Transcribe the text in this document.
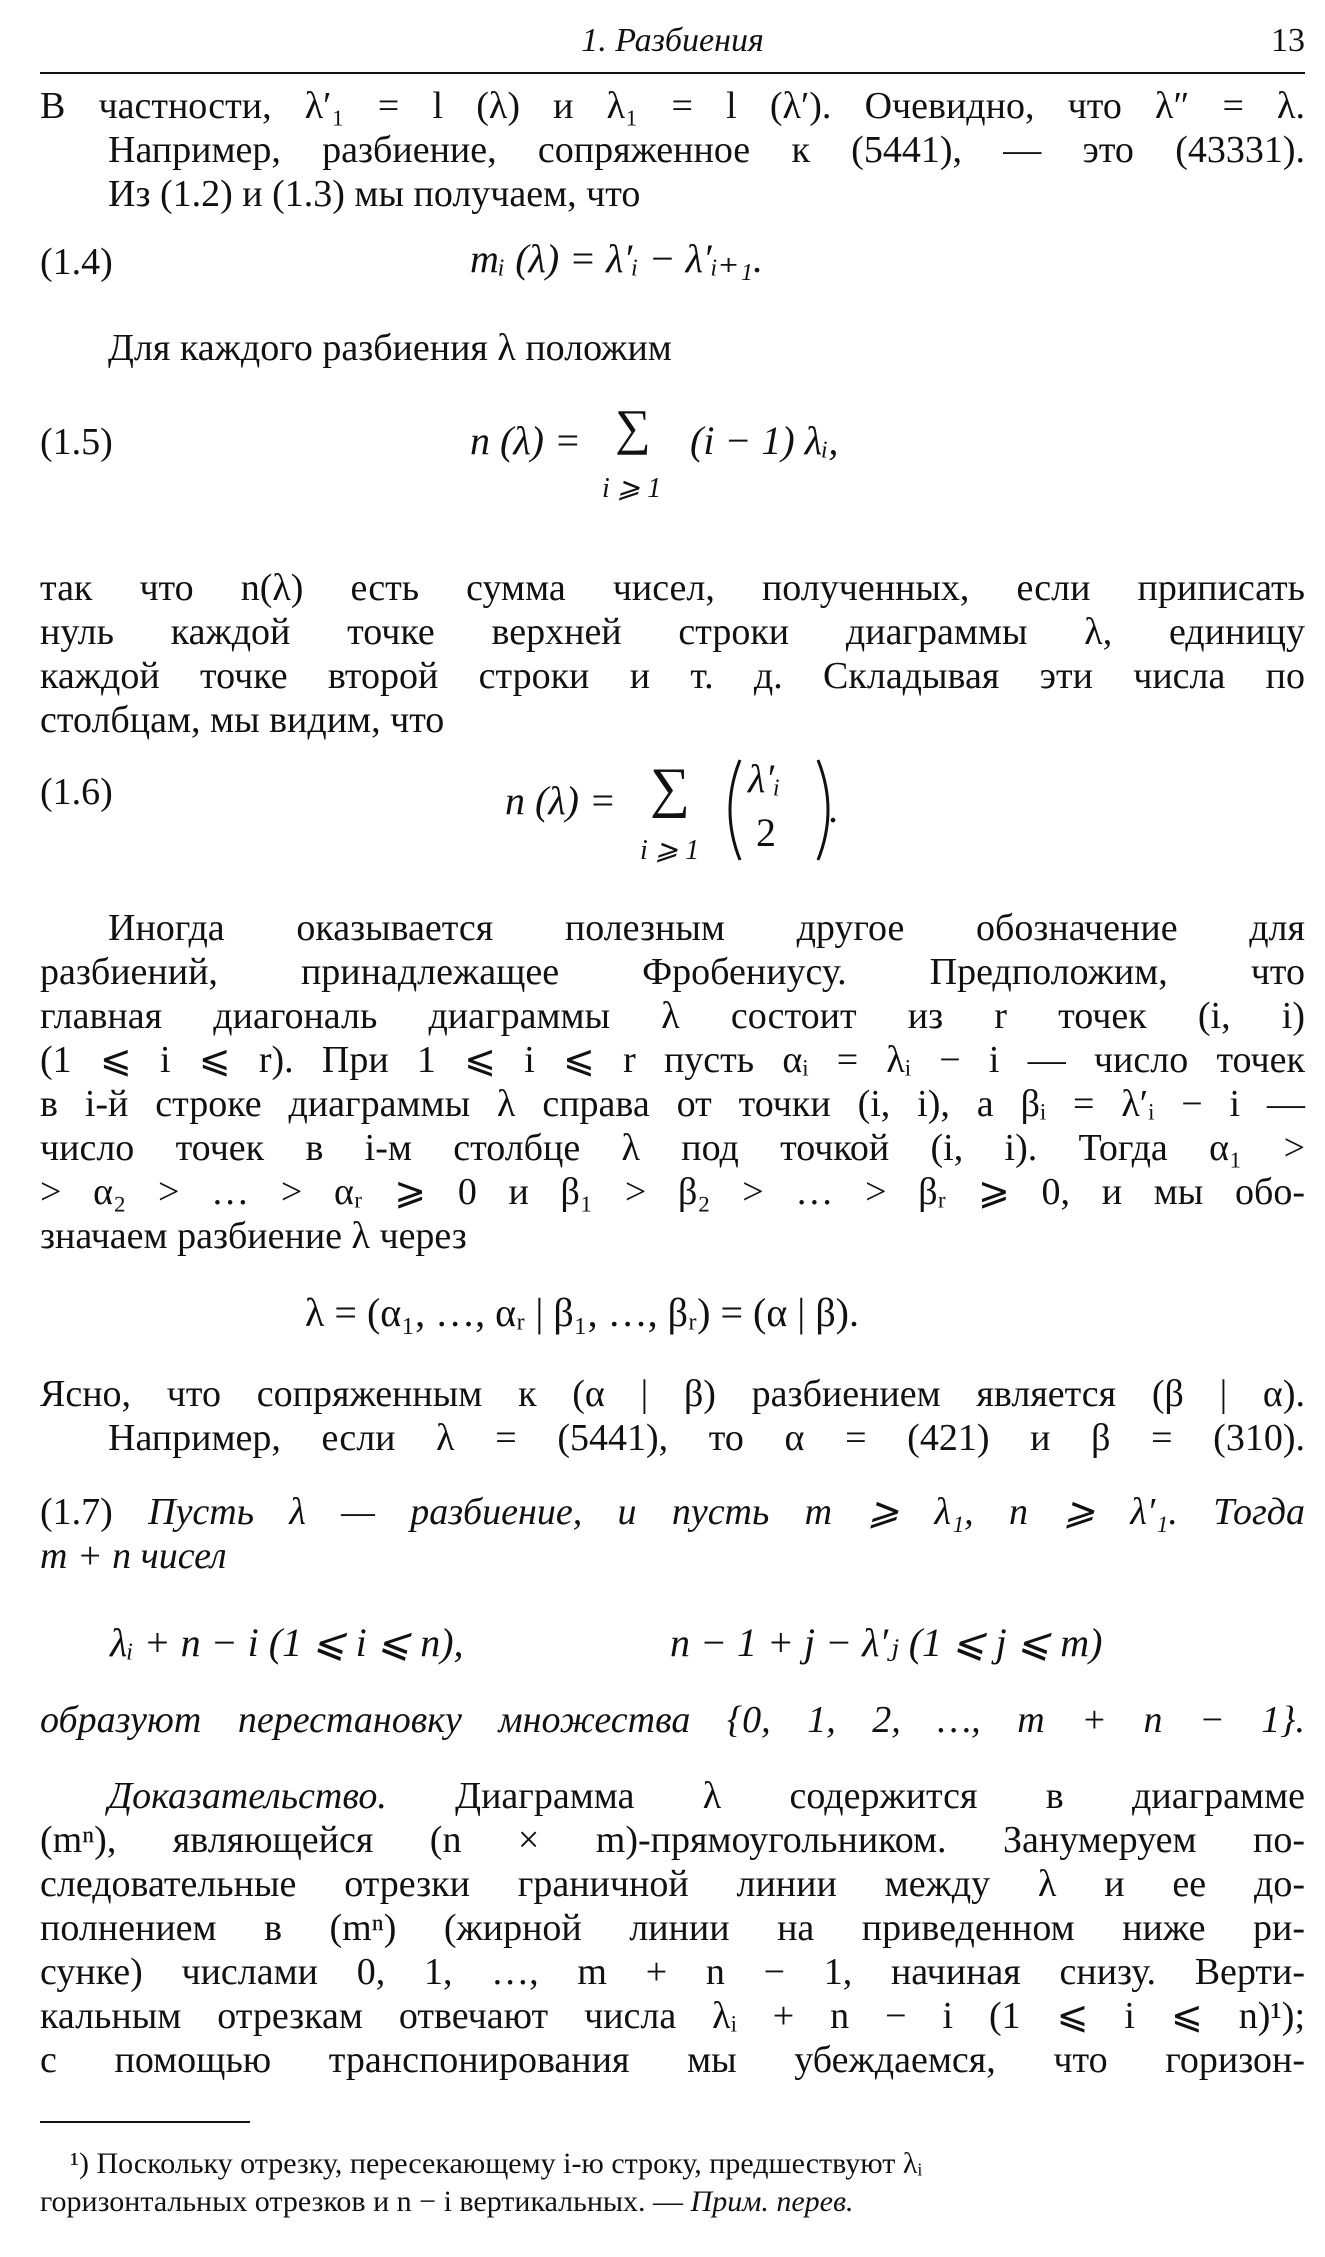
1. Разбиения	13
В частности, λ′₁ = l (λ) и λ₁ = l (λ′). Очевидно, что λ″ = λ.
Например, разбиение, сопряженное к (5441), — это (43331).
Из (1.2) и (1.3) мы получаем, что
(1.4)	mᵢ (λ) = λ′ᵢ − λ′ᵢ₊₁.
Для каждого разбиения λ положим
(1.5)	n (λ) = ∑
i ⩾ 1
(i − 1) λᵢ,
так что n(λ) есть сумма чисел, полученных, если приписать
нуль каждой точке верхней строки диаграммы λ, единицу
каждой точке второй строки и т. д. Складывая эти числа по
столбцам, мы видим, что
(1.6)	n (λ) = ∑
i ⩾ 1
λ′ᵢ
2
.
Иногда оказывается полезным другое обозначение для
разбиений, принадлежащее Фробениусу. Предположим, что
главная диагональ диаграммы λ состоит из r точек (i, i)
(1 ⩽ i ⩽ r). При 1 ⩽ i ⩽ r пусть αᵢ = λᵢ − i — число точек
в i-й строке диаграммы λ справа от точки (i, i), а βᵢ = λ′ᵢ − i —
число точек в i-м столбце λ под точкой (i, i). Тогда α₁ >
> α₂ > … > αᵣ ⩾ 0 и β₁ > β₂ > … > βᵣ ⩾ 0, и мы обо-
значаем разбиение λ через
λ = (α₁, …, αᵣ | β₁, …, βᵣ) = (α | β).
Ясно, что сопряженным к (α | β) разбиением является (β | α).
Например, если λ = (5441), то α = (421) и β = (310).
(1.7) Пусть λ — разбиение, и пусть m ⩾ λ₁, n ⩾ λ′₁. Тогда
m + n чисел
λᵢ + n − i (1 ⩽ i ⩽ n),	n − 1 + j − λ′ⱼ (1 ⩽ j ⩽ m)
образуют перестановку множества {0, 1, 2, …, m + n − 1}.
Доказательство. Диаграмма λ содержится в диаграмме
(mⁿ), являющейся (n × m)-прямоугольником. Занумеруем по-
следовательные отрезки граничной линии между λ и ее до-
полнением в (mⁿ) (жирной линии на приведенном ниже ри-
сунке) числами 0, 1, …, m + n − 1, начиная снизу. Верти-
кальным отрезкам отвечают числа λᵢ + n − i (1 ⩽ i ⩽ n)¹);
с помощью транспонирования мы убеждаемся, что горизон-
¹) Поскольку отрезку, пересекающему i-ю строку, предшествуют λᵢ
горизонтальных отрезков и n − i вертикальных. — Прим. перев.
